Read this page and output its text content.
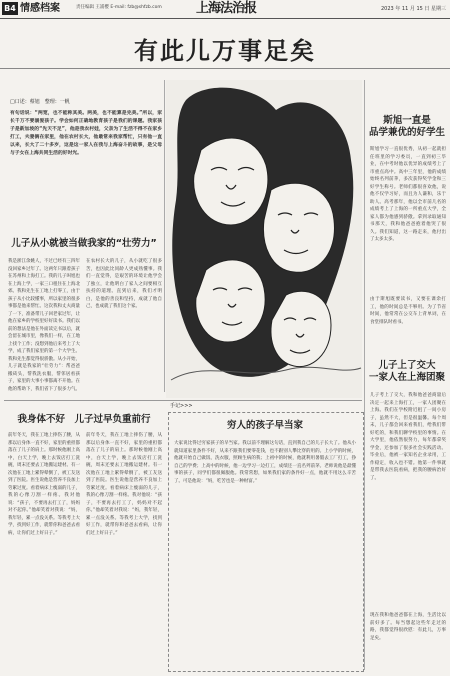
B4 情感档案	责任编辑 王浦樱 E-mail: fzb@shfzb.com	上海法治报	2023 年 11 月 15 日 星期三
有此儿万事足矣
□口述：蔡旭　整理：一帆
有句话说：“两宽，也不能称其美。两美，也不能算是完美。”所以，家长千万不要溺爱孩子。学会如何正确地教育孩子是我们的课题。我家孩子是新加坡的“先天不足”，他是我农村娃，父亲为了生活不得不在家乡打工，夫妻俩在家里，他在农村长大，他最常来我家帮忙，只有他一直以来，长大了二十多岁，这是这一家人在我与上海奋斗的故事，是父母与子女在上海共同生活的好时光。
儿子从小就被当做我家的“壮劳力”
我是浙江余姚人，不过已经有三四年没回家乡过年了。这两年只跟着孩子在苏州和上海打工。我的儿子叫旭也在上海上学，一家三口租住在上海北郊。我和先生在工地上打零工，由于孩子从小比较懂事，所以家里的很多事都是他来帮忙。这次我和丈夫商量了一下，准备带儿子回老家过年，让他在家乡的学校里好好读书。我们以前的想法是他在外面读完书以后，就会留在城市里，像我们一样，在工地上找个工作；没想到他后来考上了大学，成了我们家里的第一个大学生。我和先生都觉得很骄傲。从小开始，儿子就是我家的“壮劳力”：帮爸爸搬砖头，帮我洗衣服，帮邻居看孩子，家里的大事小事都离不开他。在他的帮助下，我们省下了很多力气。
在农村长大的儿子，从小就吃了很多苦，也因此比同龄人更成熟懂事。我们一直觉得，是艰苦的环境让他学会了独立，让他明白了家人之间要相互扶持的道理。直到后来，我们才明白，是他的善良和坚持，成就了他自己，也成就了我们这个家。
我身体不好　儿子过早负重前行
前年冬天，我在工地上摔伤了腰，从那以后身体一直不好，家里的重担都落在了儿子的肩上。那时候他刚上高中，白天上学，晚上去饭店打工洗碗，周末还要去工地搬运建材。有一次他在工地上累得晕倒了，被工友送到了医院。医生说他是营养不良加上劳累过度。看着病床上瘦弱的儿子，我的心像刀割一样疼。我对他说：“孩子，不要再去打工了，妈妈对不起你。”他却笑着对我说：“妈，我年轻，累一点没关系。等我考上大学，找到好工作，就带你和爸爸去看病，让你们过上好日子。”
前年冬天，我在工地上摔伤了腰，从那以后身体一直不好，家里的重担都落在了儿子的肩上。那时候他刚上高中，白天上学，晚上去饭店打工洗碗，周末还要去工地搬运建材。有一次他在工地上累得晕倒了，被工友送到了医院。医生说他是营养不良加上劳累过度。看着病床上瘦弱的儿子，我的心像刀割一样疼。我对他说：“孩子，不要再去打工了，妈妈对不起你。”他却笑着对我说：“妈，我年轻，累一点没关系。等我考上大学，找到好工作，就带你和爸爸去看病，让你们过上好日子。”
手记>>>
穷人的孩子早当家
大家说比得过穷家孩子的早当家。我以前不理解这句话，直到我自己的儿子长大了。他从小就知道家里条件不好，从来不跟我们要零花钱，也不跟别人攀比穿的用的。上小学的时候，他就开始自己做饭、洗衣服，照顾生病的我；上初中的时候，他就利用暑假去工厂打工，挣自己的学费；上高中的时候，他一边学习一边打工，成绩还一直名列前茅。老师说他是最懂事的孩子，同学们都很佩服他。我常常想，如果我们家的条件好一点，他就不用这么辛苦了。可是他说：“妈，吃苦也是一种财富。”
斯旭一直是
品学兼优的好学生
斯旭学习一直很优秀，从初一起就担任班里的学习委员，一直到初三毕业，在中考时他以优异的成绩考上了市重点高中。高中三年里，他的成绩始终名列前茅，多次获得奖学金和三好学生称号。老师们都很喜欢他，说他不仅学习好，而且为人谦和，乐于助人。高考那年，他以全市前几名的成绩考上了上海的一所重点大学，全家人都为他感到骄傲。拿到录取通知书那天，我和他爸爸抱着他哭了很久。我们知道，这一路走来，他付出了太多太多。
由于斯旭既要读书，又要在课余打工，他的时间总是不够用。为了节省时间，他常常在公交车上背单词，在食堂排队时看书。
儿子上了交大
一家人在上海团聚
儿子考上了交大，我和他爸爸商量后决定一起来上海打工，一家人团聚在上海。我们在学校附近租了一间小房子，虽然不大，但是很温馨。每个周末，儿子都会回来看我们，给我们带好吃的，和我们聊学校里的事情。在大学里，他依然很努力，每年都拿奖学金，还参加了很多社会实践活动。毕业后，他被一家知名企业录用，工作稳定，收入也不错。他第一件事就是带我去医院看病，把我的腰病治好了。
现在我和他爸爸都在上海，生活比以前好多了。每当想起这些年走过的路，我都觉得很欣慰：有此儿，万事足矣。
